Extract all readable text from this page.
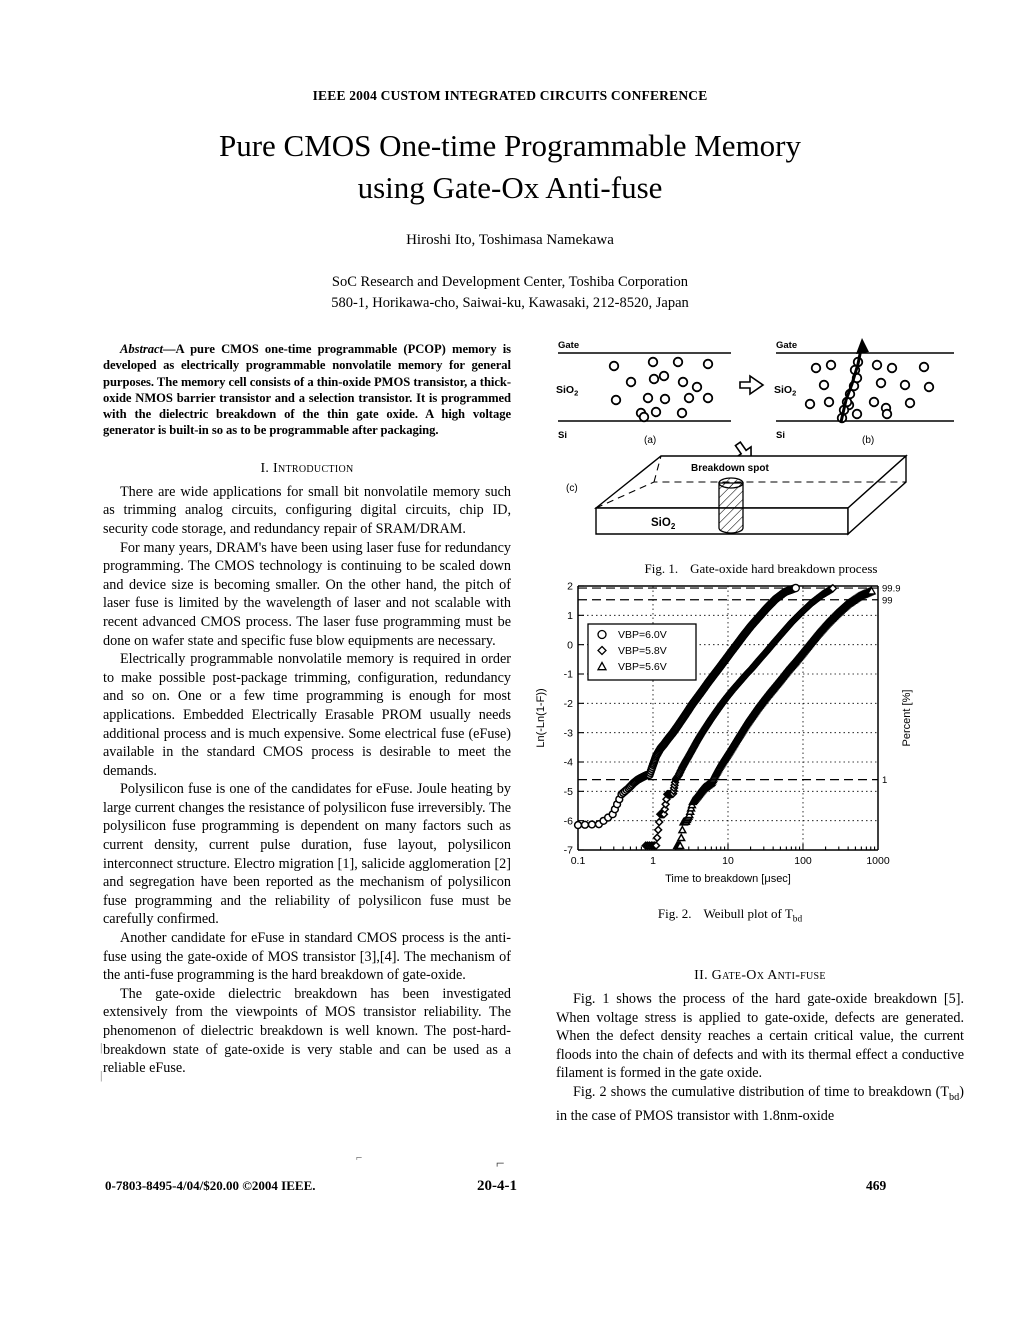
IEEE 2004 CUSTOM INTEGRATED CIRCUITS CONFERENCE
Pure CMOS One-time Programmable Memory
using Gate-Ox Anti-fuse
Hiroshi Ito, Toshimasa Namekawa
SoC Research and Development Center, Toshiba Corporation
580-1, Horikawa-cho, Saiwai-ku, Kawasaki, 212-8520, Japan

Abstract—A pure CMOS one-time programmable (PCOP) memory is developed as electrically programmable nonvolatile memory for general purposes. The memory cell consists of a thin-oxide PMOS transistor, a thick-oxide NMOS barrier transistor and a selection transistor. It is programmed with the dielectric breakdown of the thin gate oxide. A high voltage generator is built-in so as to be programmable after packaging.

I. Introduction

There are wide applications for small bit nonvolatile memory such as trimming analog circuits, configuring digital circuits, chip ID, security code storage, and redundancy repair of SRAM/DRAM.

For many years, DRAM's have been using laser fuse for redundancy programming. The CMOS technology is continuing to be scaled down and device size is becoming smaller. On the other hand, the pitch of laser fuse is limited by the wavelength of laser and not scalable with recent advanced CMOS process. The laser fuse programming must be done on wafer state and specific fuse blow equipments are necessary.

Electrically programmable nonvolatile memory is required in order to make possible post-package trimming, configuration, redundancy and so on. One or a few time programming is enough for most applications. Embedded Electrically Erasable PROM usually needs additional process and is much expensive. Some electrical fuse (eFuse) available in the standard CMOS process is desirable to meet the demands.

Polysilicon fuse is one of the candidates for eFuse. Joule heating by large current changes the resistance of polysilicon fuse irreversibly. The polysilicon fuse programming is dependent on many factors such as current density, current pulse duration, fuse layout, polysilicon interconnect structure. Electro migration [1], salicide agglomeration [2] and segregation have been reported as the mechanism of polysilicon fuse programming and the reliability of polysilicon fuse must be carefully confirmed.

Another candidate for eFuse in standard CMOS process is the anti-fuse using the gate-oxide of MOS transistor [3],[4]. The mechanism of the anti-fuse programming is the hard breakdown of gate-oxide.

The gate-oxide dielectric breakdown has been investigated extensively from the viewpoints of MOS transistor reliability. The phenomenon of dielectric breakdown is well known. The post-hard-breakdown state of gate-oxide is very stable and can be used as a reliable eFuse.

Gate
SiO$_2$
Si	(a)
Gate
SiO$_2$
Si	(b)
(c)
Breakdown spot
SiO$_2$

Fig. 1. Gate-oxide hard breakdown process

0.1	1	10	100	1000
2
1
0
-1
-2
-3
-4
-5
-6
-7
99.9
99
1
Time to breakdown [μsec]
Ln(-Ln(1-F))	Percent [%]
VBP=6.0V
VBP=5.8V
VBP=5.6V

Fig. 2. Weibull plot of $T_{bd}$

II. Gate-Ox Anti-fuse

Fig. 1 shows the process of the hard gate-oxide breakdown [5]. When voltage stress is applied to gate-oxide, defects are generated. When the defect density reaches a certain critical value, the current floods into the chain of defects and with its thermal effect a conductive filament is formed in the gate oxide.

Fig. 2 shows the cumulative distribution of time to breakdown $(T_{bd})$ in the case of PMOS transistor with 1.8nm-oxide

|
|
⌐	⌐
0-7803-8495-4/04/$20.00 ©2004 IEEE.	20-4-1	469
